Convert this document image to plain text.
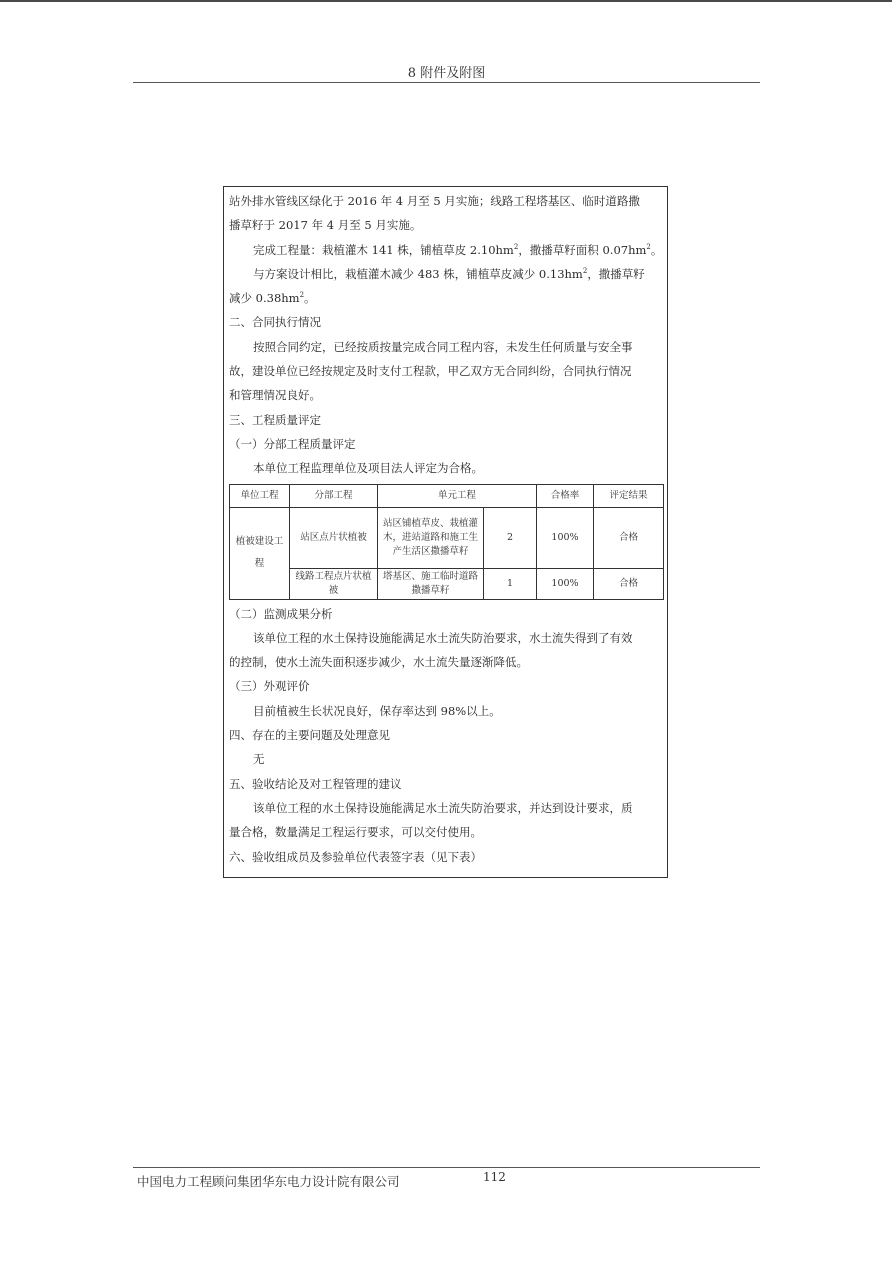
8 附件及附图
站外排水管线区绿化于 2016 年 4 月至 5 月实施；线路工程塔基区、临时道路撒
播草籽于 2017 年 4 月至 5 月实施。
完成工程量：栽植灌木 141 株，铺植草皮 $2.10hm^2$，撒播草籽面积 $0.07hm^2$。
与方案设计相比，栽植灌木减少 483 株，铺植草皮减少 $0.13hm^2$，撒播草籽
减少 $0.38hm^2$。
二、合同执行情况
按照合同约定，已经按质按量完成合同工程内容，未发生任何质量与安全事
故，建设单位已经按规定及时支付工程款，甲乙双方无合同纠纷，合同执行情况
和管理情况良好。
三、工程质量评定
（一）分部工程质量评定
本单位工程监理单位及项目法人评定为合格。
单位工程	分部工程	单元工程		合格率	评定结果
植被建设工程	站区点片状植被	站区铺植草皮、栽植灌木，进站道路和施工生产生活区撒播草籽	2	100%	合格
	线路工程点片状植被	塔基区、施工临时道路撒播草籽	1	100%	合格
（二）监测成果分析
该单位工程的水土保持设施能满足水土流失防治要求，水土流失得到了有效
的控制，使水土流失面积逐步减少，水土流失量逐渐降低。
（三）外观评价
目前植被生长状况良好，保存率达到 98%以上。
四、存在的主要问题及处理意见
无
五、验收结论及对工程管理的建议
该单位工程的水土保持设施能满足水土流失防治要求，并达到设计要求，质
量合格，数量满足工程运行要求，可以交付使用。
六、验收组成员及参验单位代表签字表（见下表）
中国电力工程顾问集团华东电力设计院有限公司	112
